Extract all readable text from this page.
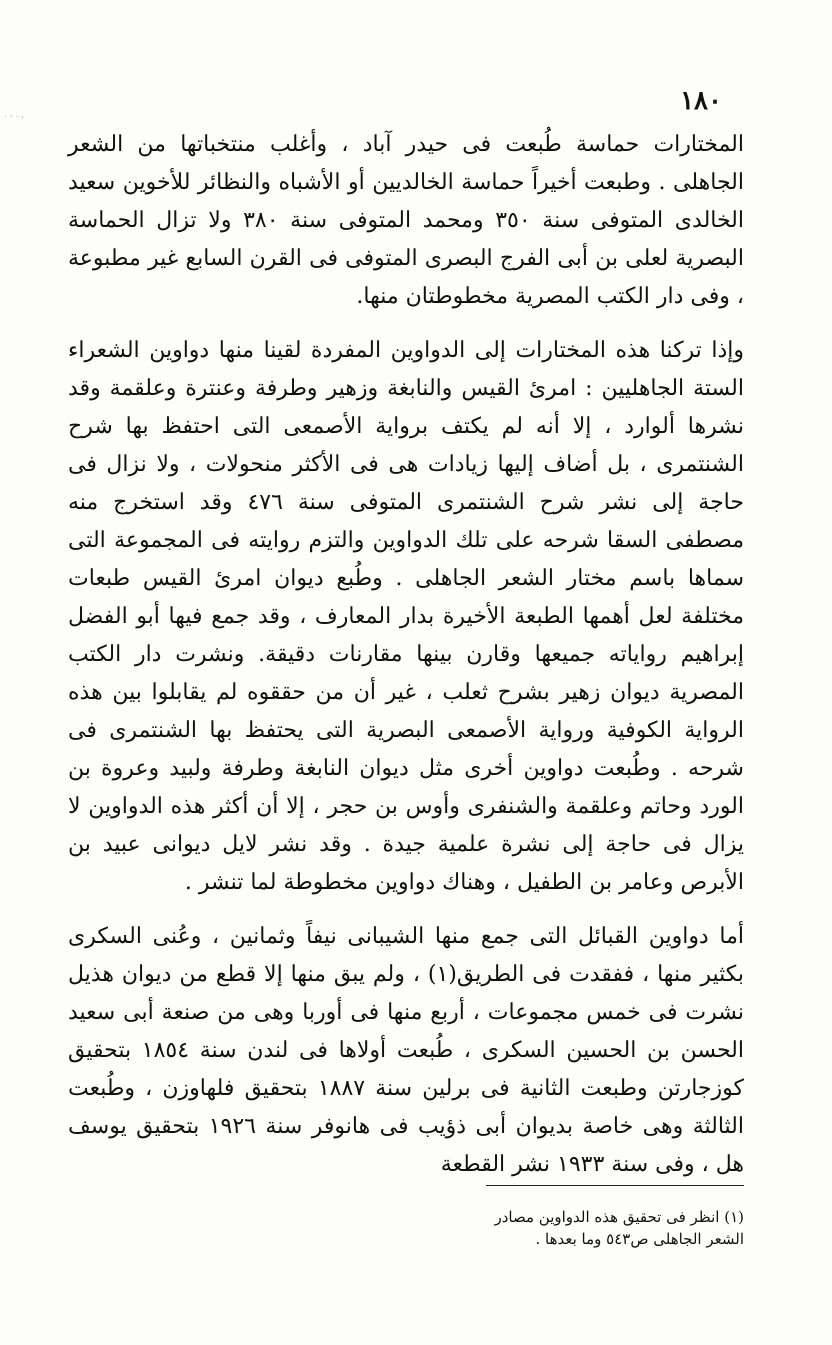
. ، . ,	١٨٠

المختارات حماسة طُبعت فى حيدر آباد ، وأغلب منتخباتها من الشعر الجاهلى . وطبعت أخيراً حماسة الخالديين أو الأشباه والنظائر للأخوين سعيد الخالدى المتوفى سنة ٣٥٠ ومحمد المتوفى سنة ٣٨٠ ولا تزال الحماسة البصرية لعلى بن أبى الفرج البصرى المتوفى فى القرن السابع غير مطبوعة ، وفى دار الكتب المصرية مخطوطتان منها.

وإذا تركنا هذه المختارات إلى الدواوين المفردة لقينا منها دواوين الشعراء الستة الجاهليين : امرئ القيس والنابغة وزهير وطرفة وعنترة وعلقمة وقد نشرها ألوارد ، إلا أنه لم يكتف برواية الأصمعى التى احتفظ بها شرح الشنتمرى ، بل أضاف إليها زيادات هى فى الأكثر منحولات ، ولا نزال فى حاجة إلى نشر شرح الشنتمرى المتوفى سنة ٤٧٦ وقد استخرج منه مصطفى السقا شرحه على تلك الدواوين والتزم روايته فى المجموعة التى سماها باسم مختار الشعر الجاهلى . وطُبع ديوان امرئ القيس طبعات مختلفة لعل أهمها الطبعة الأخيرة بدار المعارف ، وقد جمع فيها أبو الفضل إبراهيم رواياته جميعها وقارن بينها مقارنات دقيقة. ونشرت دار الكتب المصرية ديوان زهير بشرح ثعلب ، غير أن من حققوه لم يقابلوا بين هذه الرواية الكوفية ورواية الأصمعى البصرية التى يحتفظ بها الشنتمرى فى شرحه . وطُبعت دواوين أخرى مثل ديوان النابغة وطرفة ولبيد وعروة بن الورد وحاتم وعلقمة والشنفرى وأوس بن حجر ، إلا أن أكثر هذه الدواوين لا يزال فى حاجة إلى نشرة علمية جيدة . وقد نشر لايل ديوانى عبيد بن الأبرص وعامر بن الطفيل ، وهناك دواوين مخطوطة لما تنشر .

أما دواوين القبائل التى جمع منها الشيبانى نيفاً وثمانين ، وعُنى السكرى بكثير منها ، ففقدت فى الطريق(١) ، ولم يبق منها إلا قطع من ديوان هذيل نشرت فى خمس مجموعات ، أربع منها فى أوربا وهى من صنعة أبى سعيد الحسن بن الحسين السكرى ، طُبعت أولاها فى لندن سنة ١٨٥٤ بتحقيق كوزجارتن وطبعت الثانية فى برلين سنة ١٨٨٧ بتحقيق فلهاوزن ، وطُبعت الثالثة وهى خاصة بديوان أبى ذؤيب فى هانوفر سنة ١٩٢٦ بتحقيق يوسف هل ، وفى سنة ١٩٣٣ نشر القطعة

(١) انظر فى تحقيق هذه الدواوين مصادر

الشعر الجاهلى ص٥٤٣ وما بعدها .
